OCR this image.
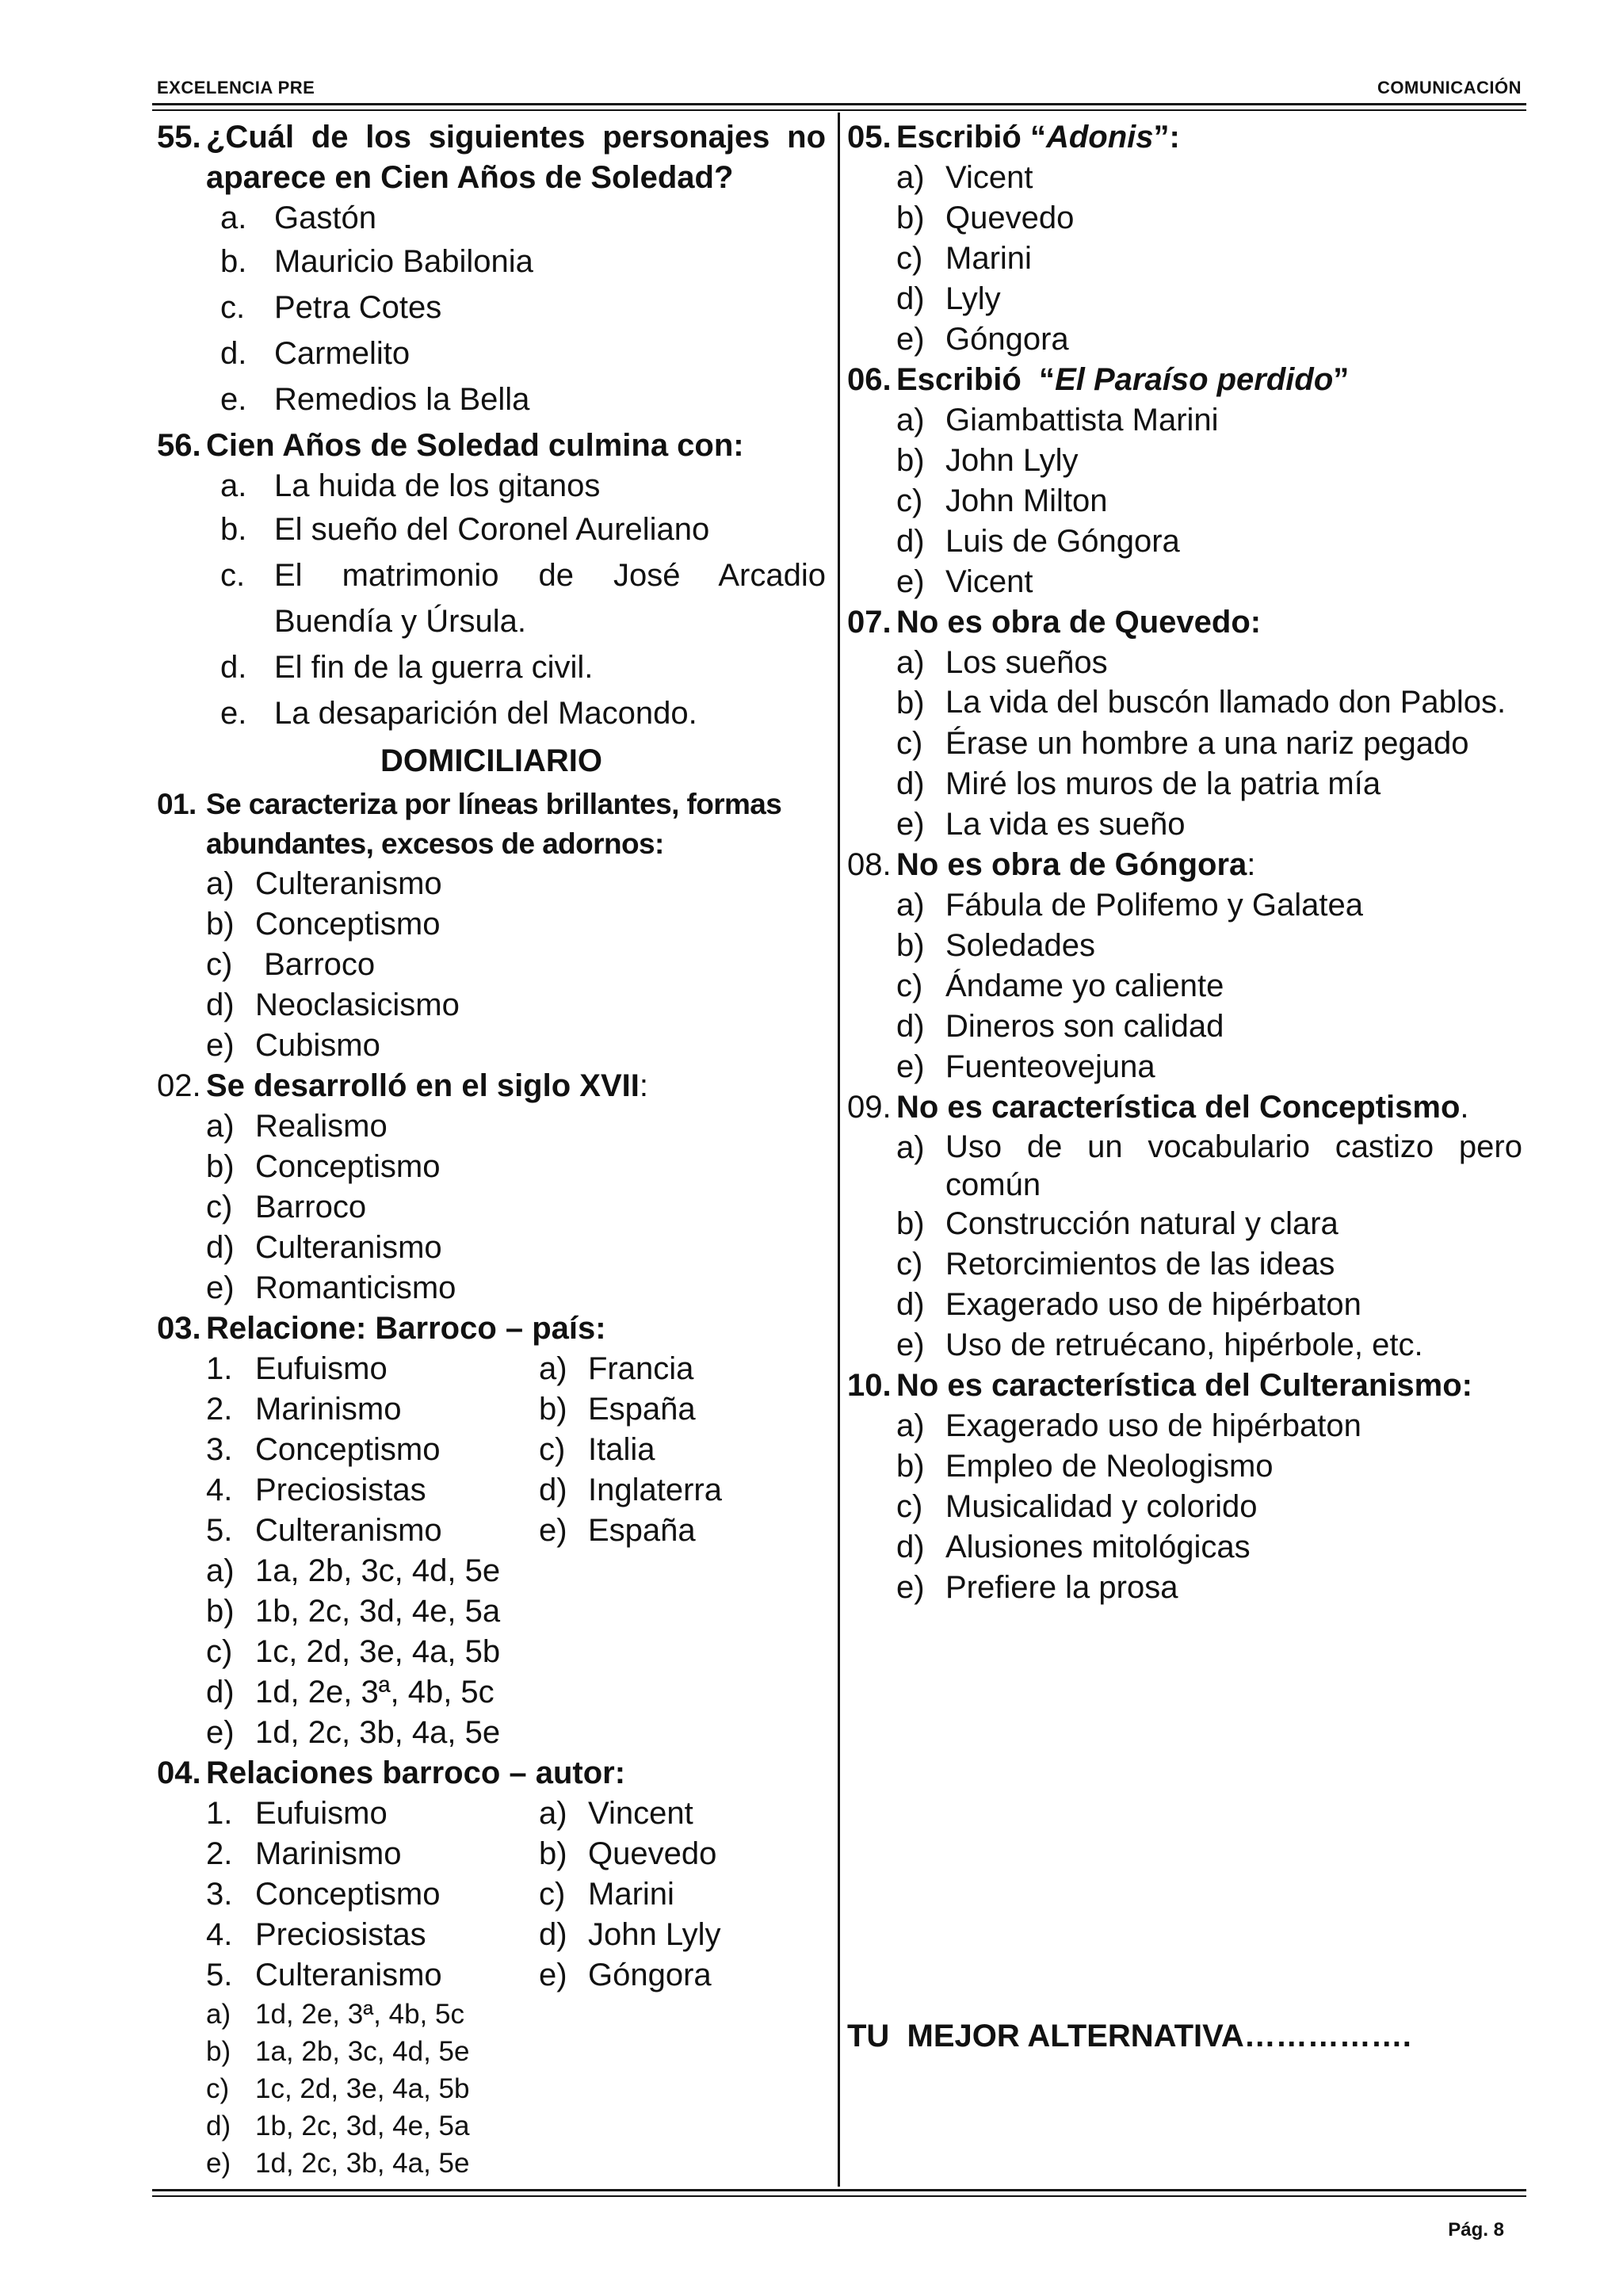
EXCELENCIA PRE	COMUNICACIÓN
55. ¿Cuál de los siguientes personajes no aparece en Cien Años de Soledad?
a. Gastón
b. Mauricio Babilonia
c. Petra Cotes
d. Carmelito
e. Remedios la Bella
56. Cien Años de Soledad culmina con:
a. La huida de los gitanos
b. El sueño del Coronel Aureliano
c. El matrimonio de José Arcadio Buendía y Úrsula.
d. El fin de la guerra civil.
e. La desaparición del Macondo.
DOMICILIARIO
01. Se caracteriza por líneas brillantes, formas abundantes, excesos de adornos:
a) Culteranismo
b) Conceptismo
c) Barroco
d) Neoclasicismo
e) Cubismo
02. Se desarrolló en el siglo XVII:
a) Realismo
b) Conceptismo
c) Barroco
d) Culteranismo
e) Romanticismo
03. Relacione: Barroco – país:
1. Eufuismo	a) Francia
2. Marinismo	b) España
3. Conceptismo	c) Italia
4. Preciosistas	d) Inglaterra
5. Culteranismo	e) España
a) 1a, 2b, 3c, 4d, 5e
b) 1b, 2c, 3d, 4e, 5a
c) 1c, 2d, 3e, 4a, 5b
d) 1d, 2e, 3ª, 4b, 5c
e) 1d, 2c, 3b, 4a, 5e
04. Relaciones barroco – autor:
1. Eufuismo	a) Vincent
2. Marinismo	b) Quevedo
3. Conceptismo	c) Marini
4. Preciosistas	d) John Lyly
5. Culteranismo	e) Góngora
a) 1d, 2e, 3ª, 4b, 5c
b) 1a, 2b, 3c, 4d, 5e
c) 1c, 2d, 3e, 4a, 5b
d) 1b, 2c, 3d, 4e, 5a
e) 1d, 2c, 3b, 4a, 5e
05. Escribió “Adonis”:
a) Vicent
b) Quevedo
c) Marini
d) Lyly
e) Góngora
06. Escribió  “El Paraíso perdido”
a) Giambattista Marini
b) John Lyly
c) John Milton
d) Luis de Góngora
e) Vicent
07. No es obra de Quevedo:
a) Los sueños
b) La vida del buscón llamado don Pablos.
c) Érase un hombre a una nariz pegado
d) Miré los muros de la patria mía
e) La vida es sueño
08. No es obra de Góngora:
a) Fábula de Polifemo y Galatea
b) Soledades
c) Ándame yo caliente
d) Dineros son calidad
e) Fuenteovejuna
09. No es característica del Conceptismo.
a) Uso de un vocabulario castizo pero común
b) Construcción natural y clara
c) Retorcimientos de las ideas
d) Exagerado uso de hipérbaton
e) Uso de retruécano, hipérbole, etc.
10. No es característica del Culteranismo:
a) Exagerado uso de hipérbaton
b) Empleo de Neologismo
c) Musicalidad y colorido
d) Alusiones mitológicas
e) Prefiere la prosa
TU  MEJOR ALTERNATIVA…………….
Pág. 8
